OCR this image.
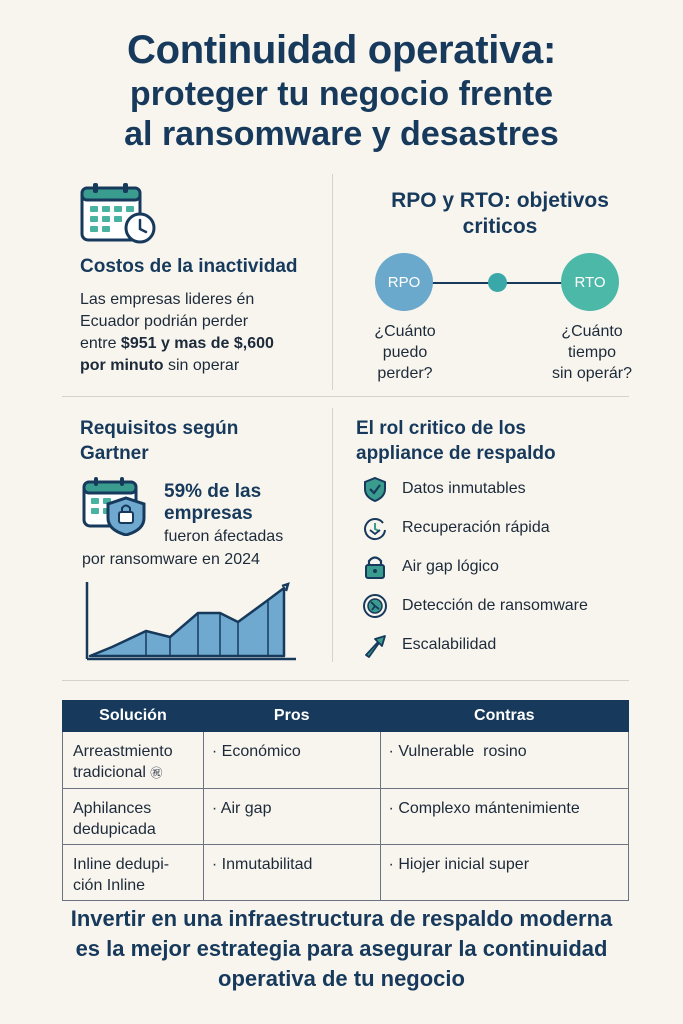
Continuidad operativa:
proteger tu negocio frente
al ransomware y desastres
Costos de la inactividad
Las empresas lideres én
Ecuador podrián perder
entre $951 y mas de $,600
por minuto sin operar
RPO y RTO: objetivos
criticos
RPO	RTO
¿Cuánto
puedo
perder?
¿Cuánto
tiempo
sin operár?
Requisitos según
Gartner
59% de las
empresas
fueron áfectadas
por ransomware en 2024
El rol critico de los
appliance de respaldo
Datos inmutables
Recuperación rápida
Air gap lógico
Detección de ransomware
Escalabilidad
Solución	Pros	Contras

Arreastmiento
tradicional ㊗	· Económico	· Vulnerable  rosino

Aphilances
dedupicada	· Air gap	· Complexo mántenimiente

Inline dedupi-
ción Inline	· Inmutabilitad	· Hiojer inicial super
Invertir en una infraestructura de respaldo moderna
es la mejor estrategia para asegurar la continuidad
operativa de tu negocio
